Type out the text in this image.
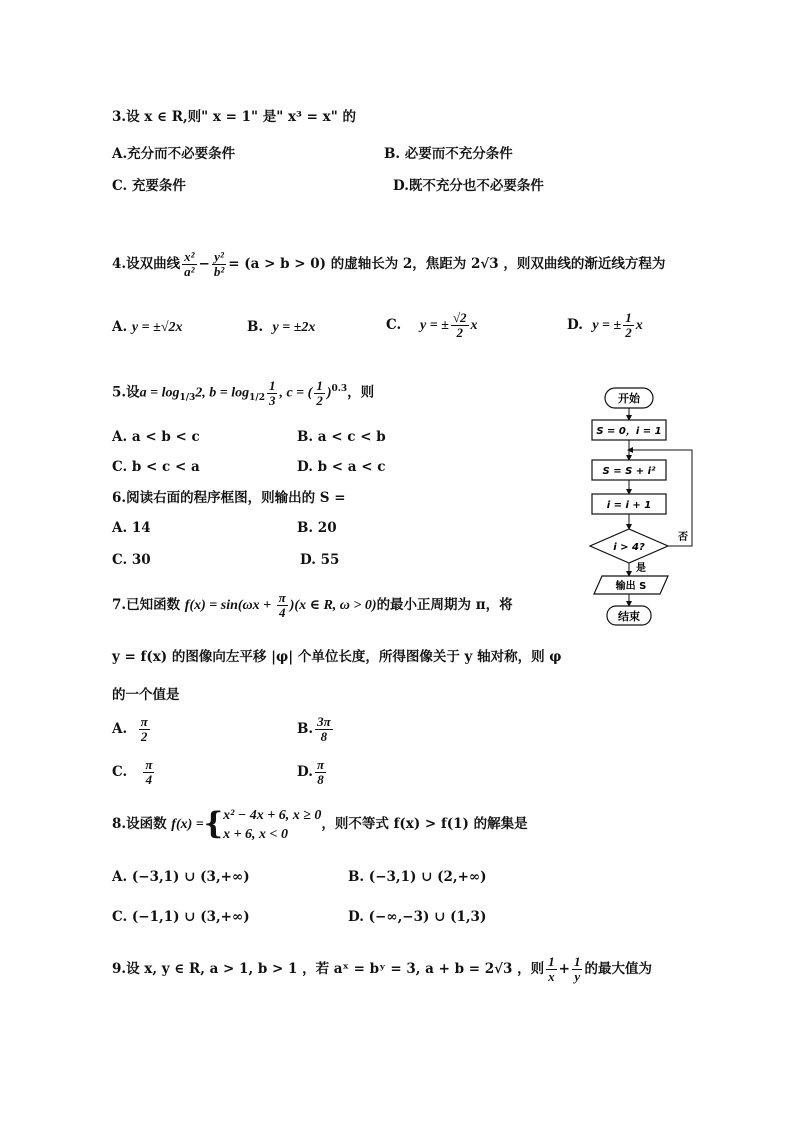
3.设 x ∈ R,则" x = 1" 是" x³ = x" 的
A.充分而不必要条件	B. 必要而不充分条件
C. 充要条件	D.既不充分也不必要条件
4.设双曲线 $\frac{\text{x²}}{\text{a²}} - \frac{\text{y²}}{\text{b²}} = (a > b > 0)$ 的虚轴长为 2，焦距为 2√3 ，则双曲线的渐近线方程为
A. y = ±√2x	B. y = ±2x	C. y = ± $\frac{√2}{2}$ x	D. y = ± $\frac{1}{2}$ x
5.设$a = \log_{1/3}2$, $b = \log_{1/2} \frac{1}{3}$ , c = ( $\frac{1}{2} )^{0.3}$，则
A. a < b < c	B. a < c < b
C. b < c < a	D. b < a < c
6.阅读右面的程序框图，则输出的 S =
A. 14	B. 20
C. 30	D. 55
7.已知函数 $f(x) = \sin(\omega x + \frac{\pi}{4} )(x$ ∈ R, ω > 0)的最小正周期为 π，将
y = f(x) 的图像向左平移 |φ| 个单位长度，所得图像关于 y 轴对称，则 φ
的一个值是
A. $\frac{\pi}{2}$	B. $\frac{3\pi}{8}$
C. $\frac{\pi}{4}$	D. $\frac{\pi}{8}$
8.设函数 f(x) ={ x² − 4x + 6, x ≥ 0
x + 6, x < 0
，则不等式 f(x) > f(1) 的解集是
A. (−3,1) ∪ (3,+∞)	B. (−3,1) ∪ (2,+∞)
C. (−1,1) ∪ (3,+∞)	D. (−∞,−3) ∪ (1,3)
9.设 x, y ∈ R, a > 1, b > 1 ，若 aˣ = bʸ = 3, a + b = 2√3 ，则 $\frac{1}{x} + \frac{1}{y}$ 的最大值为
开始
S = 0，i = 1
S = S + i²
i = i + 1
i > 4?
否
是
输出 S
结束
